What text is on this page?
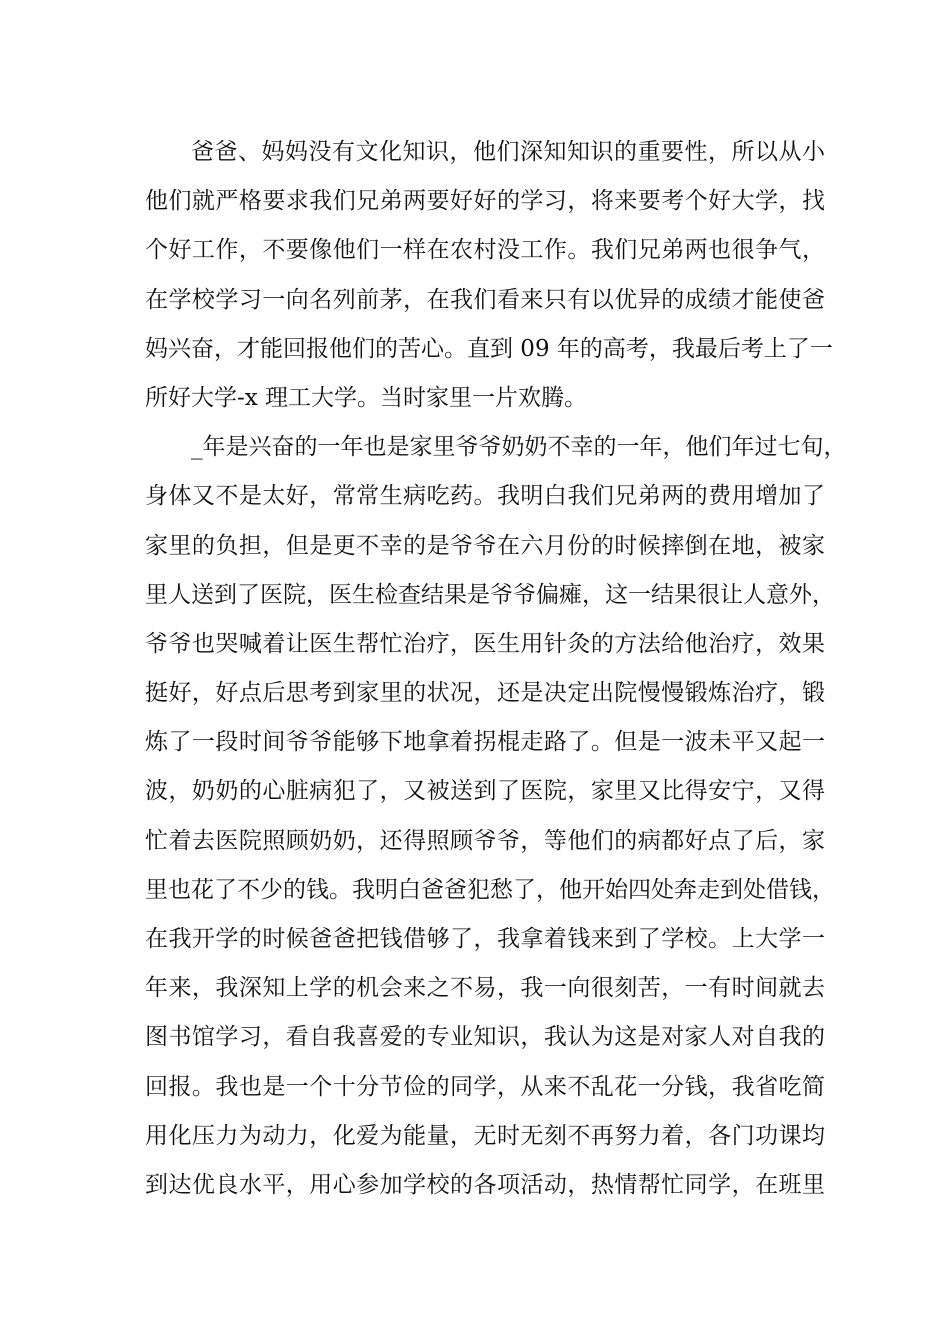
爸爸、妈妈没有文化知识，他们深知知识的重要性，所以从小
他们就严格要求我们兄弟两要好好的学习，将来要考个好大学，找
个好工作，不要像他们一样在农村没工作。我们兄弟两也很争气，
在学校学习一向名列前茅，在我们看来只有以优异的成绩才能使爸
妈兴奋，才能回报他们的苦心。直到 09 年的高考，我最后考上了一
所好大学-x 理工大学。当时家里一片欢腾。
_年是兴奋的一年也是家里爷爷奶奶不幸的一年，他们年过七旬，
身体又不是太好，常常生病吃药。我明白我们兄弟两的费用增加了
家里的负担，但是更不幸的是爷爷在六月份的时候摔倒在地，被家
里人送到了医院，医生检查结果是爷爷偏瘫，这一结果很让人意外，
爷爷也哭喊着让医生帮忙治疗，医生用针灸的方法给他治疗，效果
挺好，好点后思考到家里的状况，还是决定出院慢慢锻炼治疗，锻
炼了一段时间爷爷能够下地拿着拐棍走路了。但是一波未平又起一
波，奶奶的心脏病犯了，又被送到了医院，家里又比得安宁，又得
忙着去医院照顾奶奶，还得照顾爷爷，等他们的病都好点了后，家
里也花了不少的钱。我明白爸爸犯愁了，他开始四处奔走到处借钱，
在我开学的时候爸爸把钱借够了，我拿着钱来到了学校。上大学一
年来，我深知上学的机会来之不易，我一向很刻苦，一有时间就去
图书馆学习，看自我喜爱的专业知识，我认为这是对家人对自我的
回报。我也是一个十分节俭的同学，从来不乱花一分钱，我省吃简
用化压力为动力，化爱为能量，无时无刻不再努力着，各门功课均
到达优良水平，用心参加学校的各项活动，热情帮忙同学，在班里
